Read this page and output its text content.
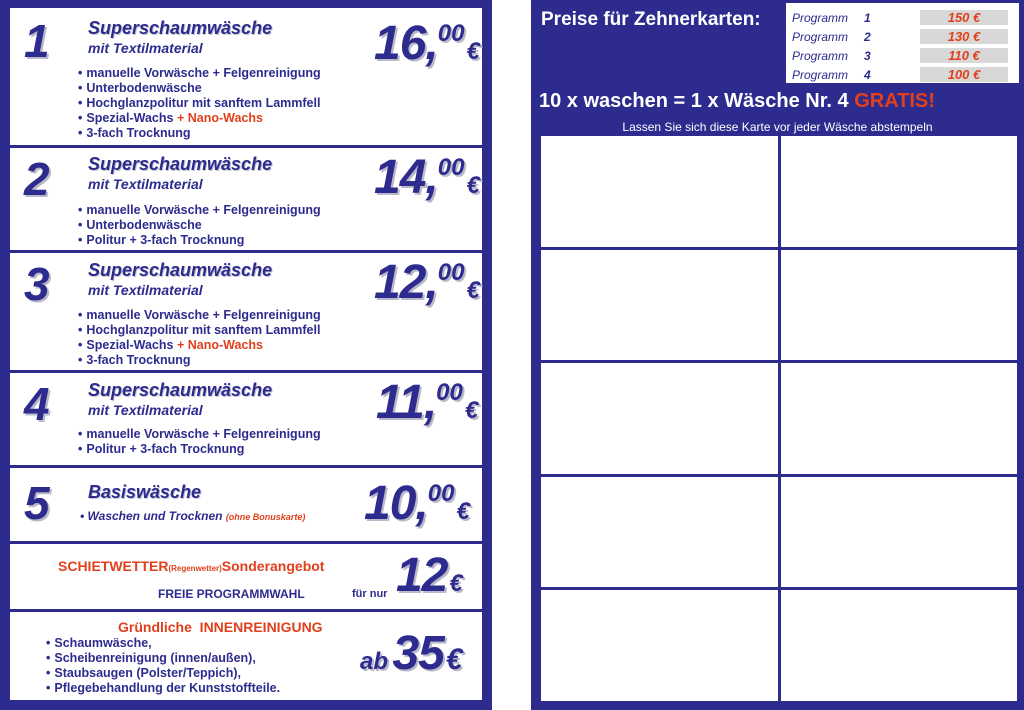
1 Superschaumwäsche
mit Textilmaterial	16,00€
• manuelle Vorwäsche + Felgenreinigung
• Unterbodenwäsche
• Hochglanzpolitur mit sanftem Lammfell
• Spezial-Wachs + Nano-Wachs
• 3-fach Trocknung
2 Superschaumwäsche
mit Textilmaterial	14,00€
• manuelle Vorwäsche + Felgenreinigung
• Unterbodenwäsche
• Politur + 3-fach Trocknung
3 Superschaumwäsche
mit Textilmaterial	12,00€
• manuelle Vorwäsche + Felgenreinigung
• Hochglanzpolitur mit sanftem Lammfell
• Spezial-Wachs + Nano-Wachs
• 3-fach Trocknung
4 Superschaumwäsche
mit Textilmaterial	11,00€
• manuelle Vorwäsche + Felgenreinigung
• Politur + 3-fach Trocknung
5 Basiswäsche	10,00€
• Waschen und Trocknen (ohne Bonuskarte)
SCHIETWETTER(Regenwetter)Sonderangebot
FREIE PROGRAMMWAHL	für nur 12€
Gründliche  INNENREINIGUNG
• Schaumwäsche,
• Scheibenreinigung (innen/außen),
• Staubsaugen (Polster/Teppich),
• Pflegebehandlung der Kunststoffteile.
ab 35€
Preise für Zehnerkarten:	Programm	1	150 €
Programm	2	130 €
Programm	3	110 €
Programm	4	100 €
10 x waschen = 1 x Wäsche Nr. 4 GRATIS!
Lassen Sie sich diese Karte vor jeder Wäsche abstempeln
